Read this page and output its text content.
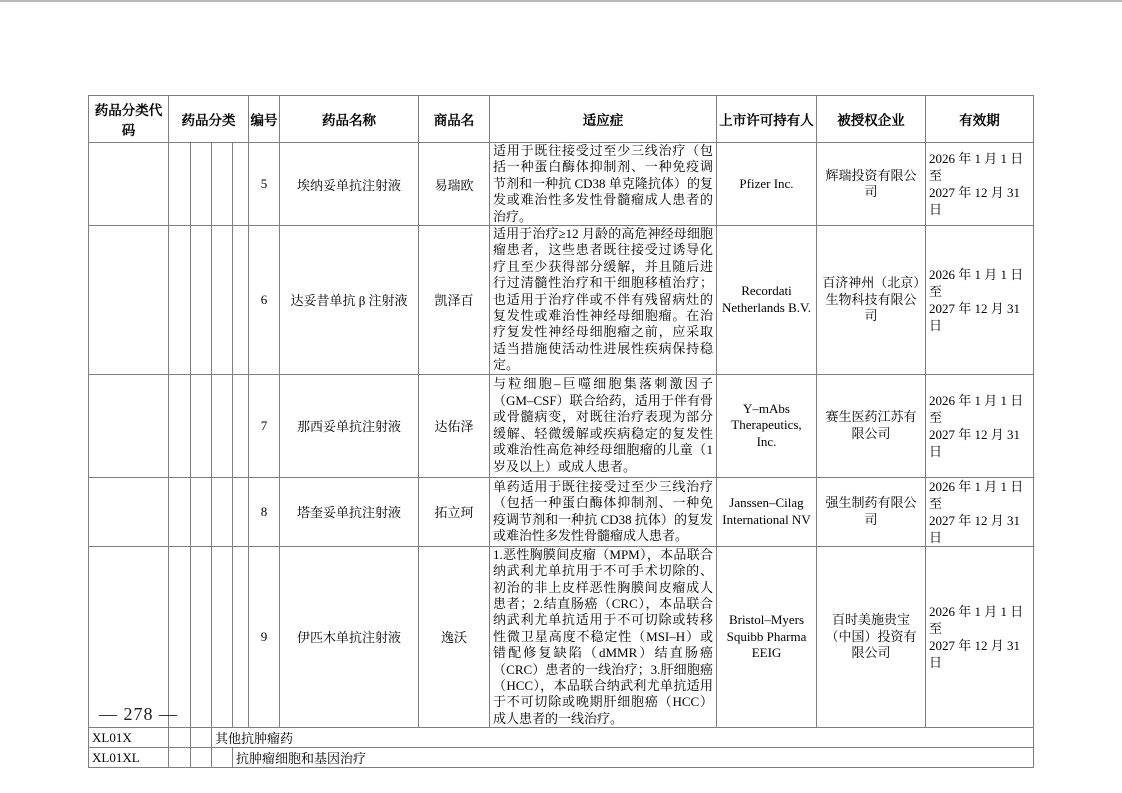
药品分类代码	药品分类				编号	药品名称	商品名	适应症	上市许可持有人	被授权企业	有效期
					5	埃纳妥单抗注射液	易瑞欧	适用于既往接受过至少三线治疗（包括一种蛋白酶体抑制剂、一种免疫调节剂和一种抗 CD38 单克隆抗体）的复发或难治性多发性骨髓瘤成人患者的治疗。	Pfizer Inc.	辉瑞投资有限公司	2026 年 1 月 1 日至
2027 年 12 月 31 日

					6	达妥昔单抗 β 注射液	凯泽百	适用于治疗≥12 月龄的高危神经母细胞瘤患者，这些患者既往接受过诱导化疗且至少获得部分缓解，并且随后进行过清髓性治疗和干细胞移植治疗；也适用于治疗伴或不伴有残留病灶的复发性或难治性神经母细胞瘤。在治疗复发性神经母细胞瘤之前，应采取适当措施使活动性进展性疾病保持稳定。	Recordati Netherlands B.V.	百济神州（北京）生物科技有限公司	2026 年 1 月 1 日至
2027 年 12 月 31 日

					7	那西妥单抗注射液	达佑泽	与粒细胞–巨噬细胞集落刺激因子（GM–CSF）联合给药，适用于伴有骨或骨髓病变，对既往治疗表现为部分缓解、轻微缓解或疾病稳定的复发性或难治性高危神经母细胞瘤的儿童（1 岁及以上）或成人患者。	Y–mAbs Therapeutics, Inc.	赛生医药江苏有限公司	2026 年 1 月 1 日至
2027 年 12 月 31 日

					8	塔奎妥单抗注射液	拓立珂	单药适用于既往接受过至少三线治疗（包括一种蛋白酶体抑制剂、一种免疫调节剂和一种抗 CD38 抗体）的复发或难治性多发性骨髓瘤成人患者。	Janssen–Cilag International NV	强生制药有限公司	2026 年 1 月 1 日至
2027 年 12 月 31 日

					9	伊匹木单抗注射液	逸沃	1.恶性胸膜间皮瘤（MPM），本品联合纳武利尤单抗用于不可手术切除的、初治的非上皮样恶性胸膜间皮瘤成人患者；2.结直肠癌（CRC），本品联合纳武利尤单抗适用于不可切除或转移性微卫星高度不稳定性（MSI–H）或错配修复缺陷（dMMR）结直肠癌（CRC）患者的一线治疗；3.肝细胞癌（HCC），本品联合纳武利尤单抗适用于不可切除或晚期肝细胞癌（HCC）成人患者的一线治疗。	Bristol–Myers Squibb Pharma EEIG	百时美施贵宝（中国）投资有限公司	2026 年 1 月 1 日至
2027 年 12 月 31 日

XL01X			其他抗肿瘤药								
XL01XL				抗肿瘤细胞和基因治疗							
— 278 —
